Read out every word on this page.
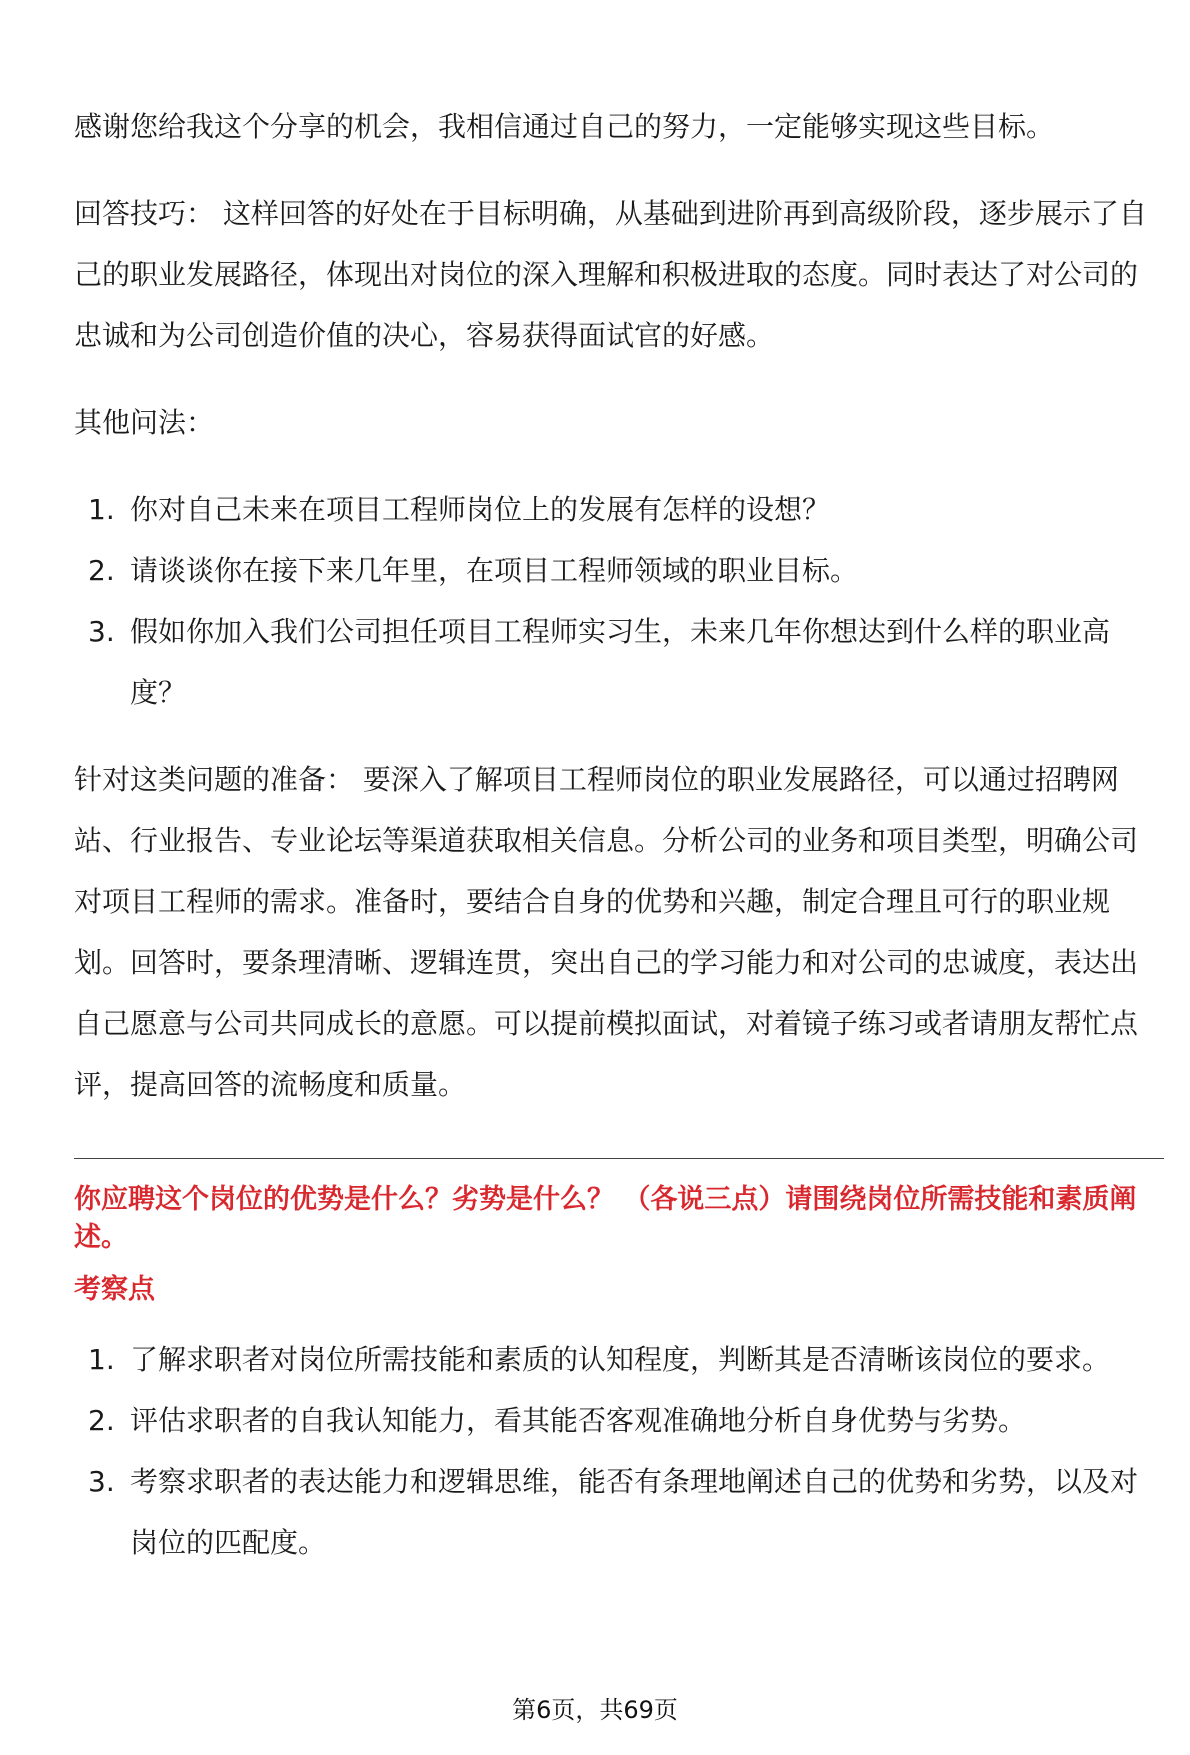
感谢您给我这个分享的机会，我相信通过自己的努力，一定能够实现这些目标。

回答技巧： 这样回答的好处在于目标明确，从基础到进阶再到高级阶段，逐步展示了自己的职业发展路径，体现出对岗位的深入理解和积极进取的态度。同时表达了对公司的忠诚和为公司创造价值的决心，容易获得面试官的好感。

其他问法：

1. 你对自己未来在项目工程师岗位上的发展有怎样的设想？
2. 请谈谈你在接下来几年里，在项目工程师领域的职业目标。
3. 假如你加入我们公司担任项目工程师实习生，未来几年你想达到什么样的职业高度？

针对这类问题的准备： 要深入了解项目工程师岗位的职业发展路径，可以通过招聘网站、行业报告、专业论坛等渠道获取相关信息。分析公司的业务和项目类型，明确公司对项目工程师的需求。准备时，要结合自身的优势和兴趣，制定合理且可行的职业规划。回答时，要条理清晰、逻辑连贯，突出自己的学习能力和对公司的忠诚度，表达出自己愿意与公司共同成长的意愿。可以提前模拟面试，对着镜子练习或者请朋友帮忙点评，提高回答的流畅度和质量。

你应聘这个岗位的优势是什么？劣势是什么？ （各说三点）请围绕岗位所需技能和素质阐述。

考察点

1. 了解求职者对岗位所需技能和素质的认知程度，判断其是否清晰该岗位的要求。
2. 评估求职者的自我认知能力，看其能否客观准确地分析自身优势与劣势。
3. 考察求职者的表达能力和逻辑思维，能否有条理地阐述自己的优势和劣势，以及对岗位的匹配度。
第6页，共69页
